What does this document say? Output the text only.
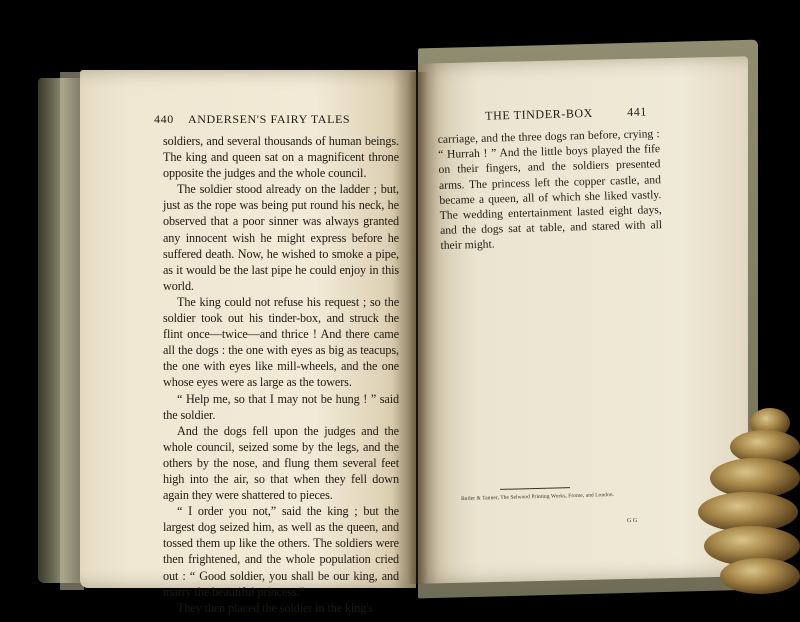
440 ANDERSEN'S FAIRY TALES

soldiers, and several thousands of human beings. The king and queen sat on a magnificent throne opposite the judges and the whole council.

The soldier stood already on the ladder ; but, just as the rope was being put round his neck, he observed that a poor sinner was always granted any innocent wish he might express before he suffered death. Now, he wished to smoke a pipe, as it would be the last pipe he could enjoy in this world.

The king could not refuse his request ; so the soldier took out his tinder-box, and struck the flint once—twice—and thrice ! And there came all the dogs : the one with eyes as big as teacups, the one with eyes like mill-wheels, and the one whose eyes were as large as the towers.

“ Help me, so that I may not be hung ! ” said the soldier.

And the dogs fell upon the judges and the whole council, seized some by the legs, and the others by the nose, and flung them several feet high into the air, so that when they fell down again they were shattered to pieces.

“ I order you not,” said the king ; but the largest dog seized him, as well as the queen, and tossed them up like the others. The soldiers were then frightened, and the whole population cried out : “ Good soldier, you shall be our king, and marry the beautiful princess.”

They then placed the soldier in the king's

THE TINDER-BOX	441

carriage, and the three dogs ran before, crying : “ Hurrah ! ” And the little boys played the fife on their fingers, and the soldiers presented arms. The princess left the copper castle, and became a queen, all of which she liked vastly. The wedding entertainment lasted eight days, and the dogs sat at table, and stared with all their might.

Butler & Tanner, The Selwood Printing Works, Frome, and London.
G G
